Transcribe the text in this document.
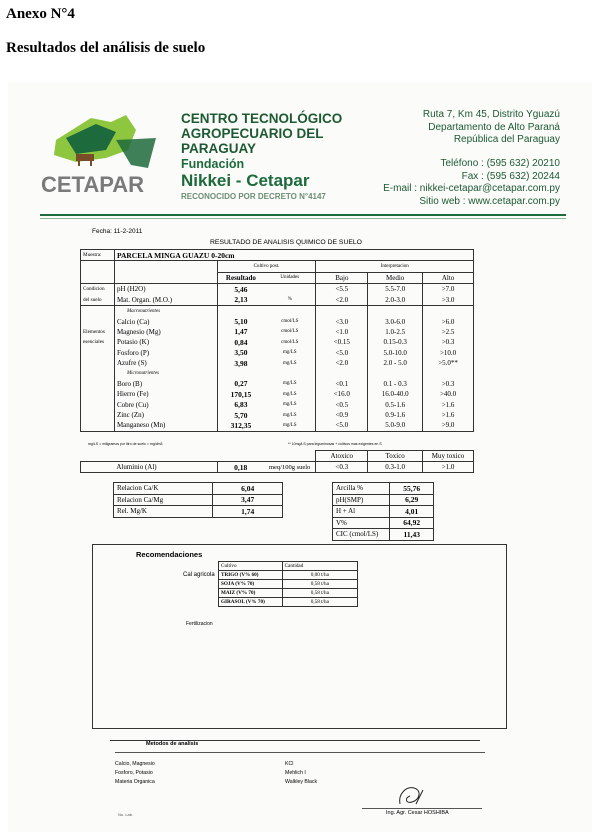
Anexo N°4
Resultados del análisis de suelo
CETAPAR
CENTRO TECNOLÓGICO
AGROPECUARIO DEL
PARAGUAY
Fundación
Nikkei - Cetapar
RECONOCIDO POR DECRETO N°4147
Ruta 7, Km 45, Distrito Yguazú
Departamento de Alto Paraná
República del Paraguay
Teléfono : (595 632) 20210
Fax : (595 632) 20244
E-mail : nikkei-cetapar@cetapar.com.py
Sitio web : www.cetapar.com.py
Fecha: 11-2-2011
RESULTADO DE ANALISIS QUIMICO DE SUELO
Muestra:	PARCELA MINGA GUAZU 0-20cm					
		Cultivo post.		Interpretacion		
		Resultado	Unidades	Bajo	Medio	Alto
Condicion	pH (H2O)	5,46		<5.5	5.5-7.0	>7.0
del suelo	Mat. Organ. (M.O.)	2,13	%	<2.0	2.0-3.0	>3.0
	Macronutrientes					
	Calcio (Ca)	5,10	cmol/LS	<3.0	3.0-6.0	>6.0
Elementos	Magnesio (Mg)	1,47	cmol/LS	<1.0	1.0-2.5	>2.5
esenciales	Potasio (K)	0,84	cmol/LS	<0.15	0.15-0.3	>0.3
	Fosforo (P)	3,50	mg/LS	<5.0	5.0-10.0	>10.0
	Azufre (S)	3,98	mg/LS	<2.0	2.0 - 5.0	>5.0**
	Micronutrientes					
	Boro (B)	0,27	mg/LS	<0.1	0.1 - 0.3	>0.3
	Hierro (Fe)	170,15	mg/LS	<16.0	16.0-40.0	>40.0
	Cobre (Cu)	6,83	mg/LS	<0.5	0.5-1.6	>1.6
	Zinc (Zn)	5,70	mg/LS	<0.9	0.9-1.6	>1.6
	Manganeso (Mn)	312,35	mg/LS	<5.0	5.0-9.0	>9.0
mg/LS = miligramos por litro de suelo = mg/dm3	** 10mg/LS para leguminosas + cultivos mas exigentes en S
				Atoxico	Toxico	Muy toxico
	Aluminio (Al)	0,18	meq/100g suelo	<0.3	0.3-1.0	>1.0
Relacion Ca/K	6,04
Relacion Ca/Mg	3,47
Rel. Mg/K	1,74
Arcilla %	55,76
pH(SMP)	6,29
H + Al	4,01
V%	64,92
CIC (cmol/LS)	11,43
Recomendaciones
Cal agricola
Cultivo	Cantidad
TRIGO (V% 60)	0,00 t/ha
SOJA (V% 70)	0,58 t/ha
MAIZ (V% 70)	0,58 t/ha
GIRASOL (V% 70)	0,58 t/ha
Fertilizacion
Metodos de analisis
Calcio, Magnesio
Fosforo, Potasio
Materia Organica
KCl
Mehlich I
Walkley Black
No. Lab.	Ing. Agr. Cesar HOSHIBA
